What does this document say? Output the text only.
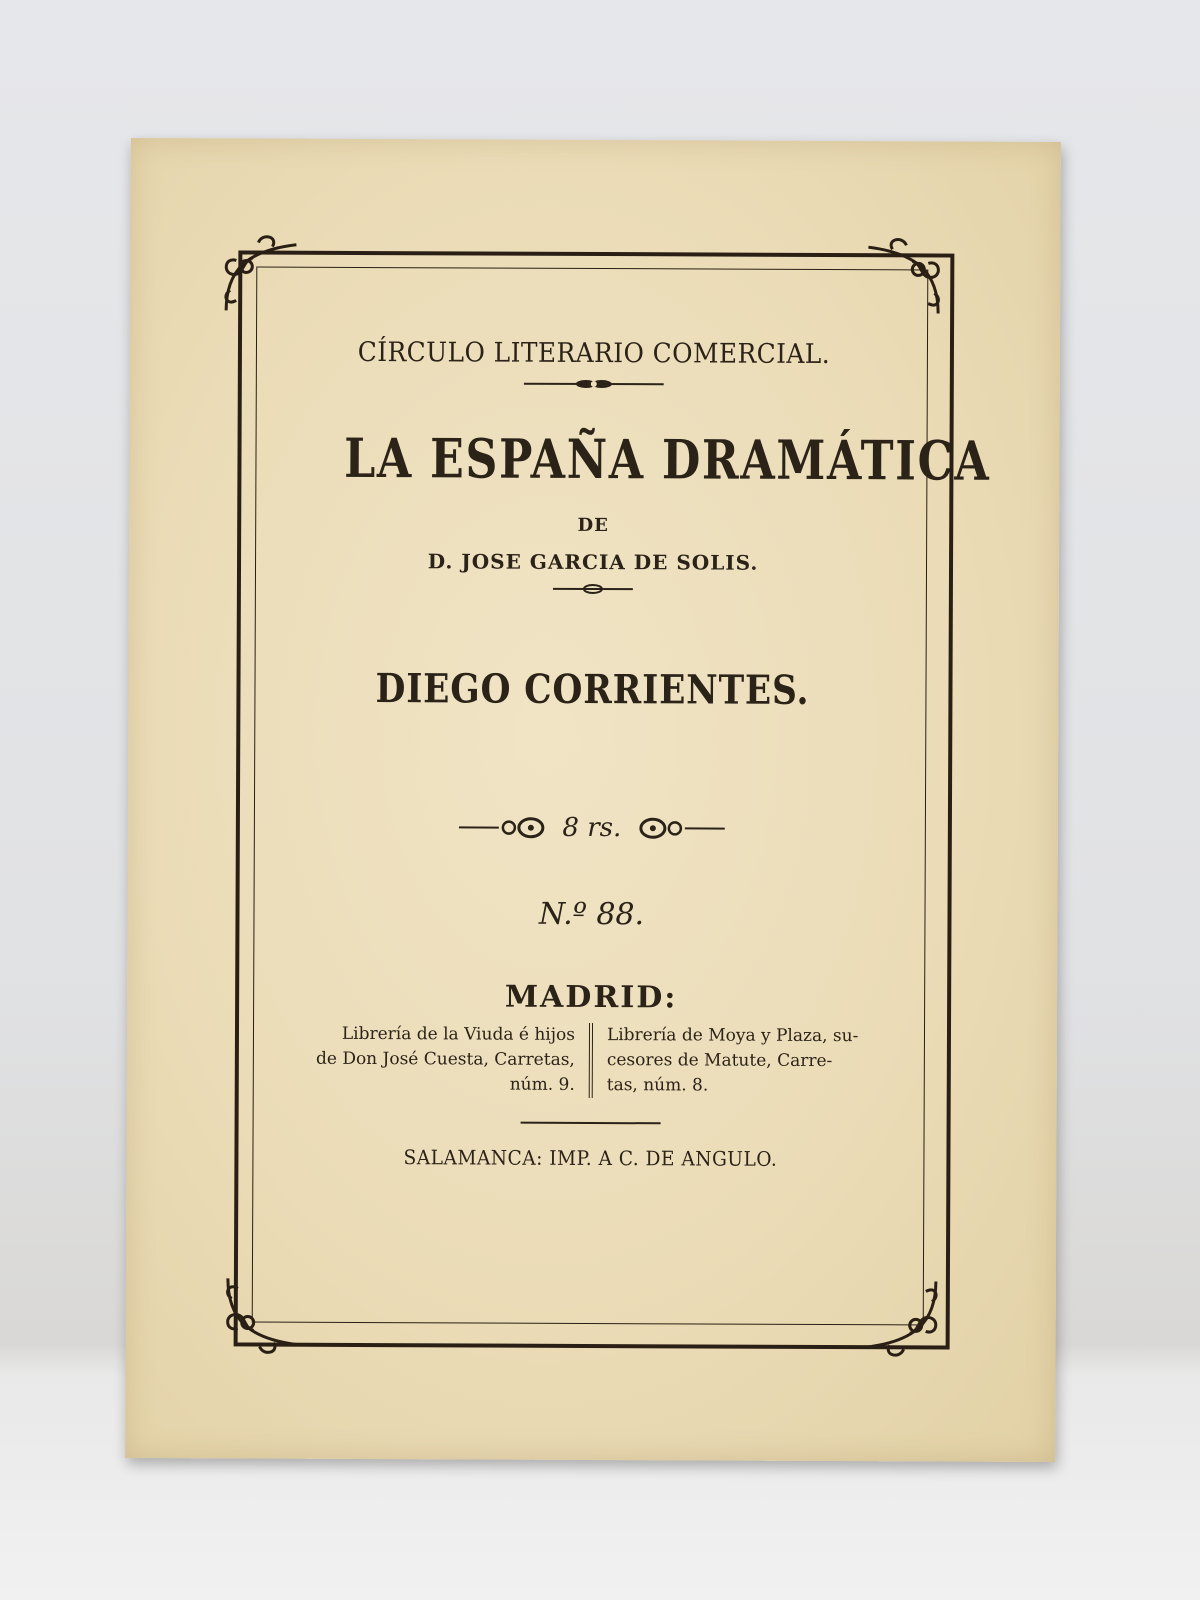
CÍRCULO LITERARIO COMERCIAL.
LA ESPAÑA DRAMÁTICA
DE
D. JOSE GARCIA DE SOLIS.
DIEGO CORRIENTES.
8 rs.
N.º 88.
MADRID:
Librería de la Viuda é hijos
de Don José Cuesta, Carretas,
núm. 9.
Librería de Moya y Plaza, su-
cesores de Matute, Carre-
tas, núm. 8.
SALAMANCA: IMP. A C. DE ANGULO.
